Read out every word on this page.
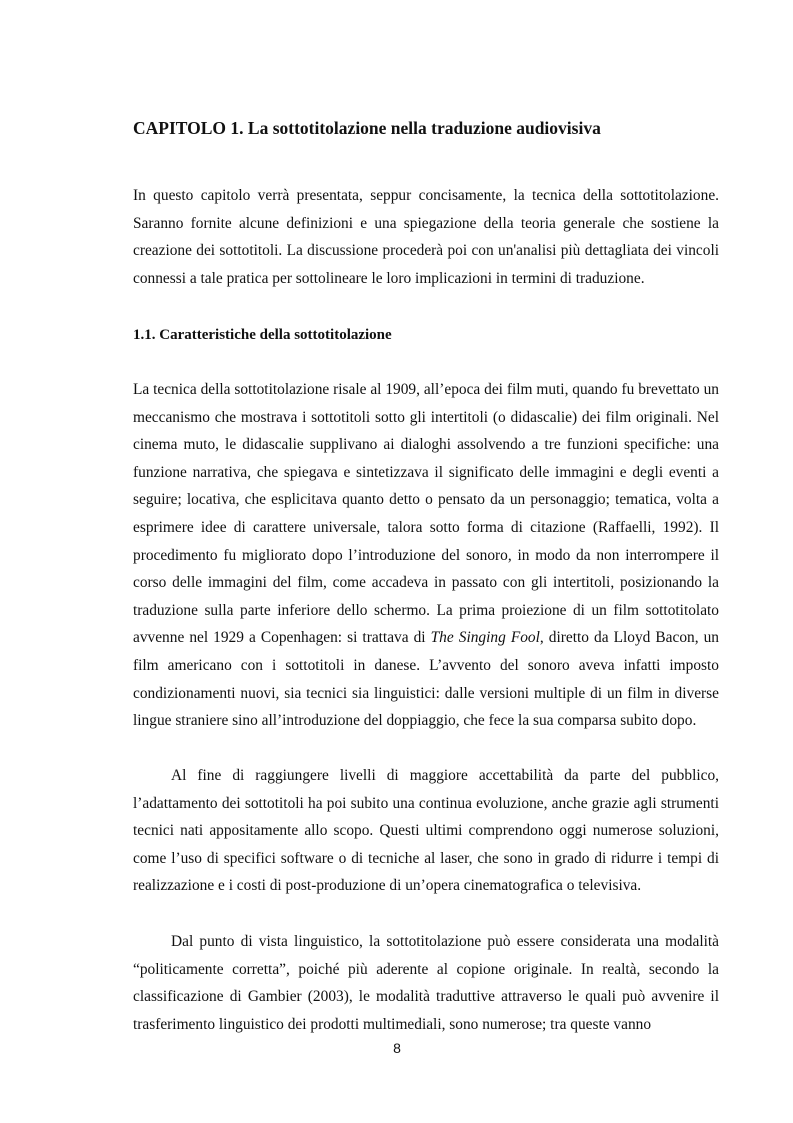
CAPITOLO 1. La sottotitolazione nella traduzione audiovisiva

In questo capitolo verrà presentata, seppur concisamente, la tecnica della sottotitolazione. Saranno fornite alcune definizioni e una spiegazione della teoria generale che sostiene la creazione dei sottotitoli. La discussione procederà poi con un'analisi più dettagliata dei vincoli connessi a tale pratica per sottolineare le loro implicazioni in termini di traduzione.

1.1. Caratteristiche della sottotitolazione

La tecnica della sottotitolazione risale al 1909, all’epoca dei film muti, quando fu brevettato un meccanismo che mostrava i sottotitoli sotto gli intertitoli (o didascalie) dei film originali. Nel cinema muto, le didascalie supplivano ai dialoghi assolvendo a tre funzioni specifiche: una funzione narrativa, che spiegava e sintetizzava il significato delle immagini e degli eventi a seguire; locativa, che esplicitava quanto detto o pensato da un personaggio; tematica, volta a esprimere idee di carattere universale, talora sotto forma di citazione (Raffaelli, 1992). Il procedimento fu migliorato dopo l’introduzione del sonoro, in modo da non interrompere il corso delle immagini del film, come accadeva in passato con gli intertitoli, posizionando la traduzione sulla parte inferiore dello schermo. La prima proiezione di un film sottotitolato avvenne nel 1929 a Copenhagen: si trattava di The Singing Fool, diretto da Lloyd Bacon, un film americano con i sottotitoli in danese. L’avvento del sonoro aveva infatti imposto condizionamenti nuovi, sia tecnici sia linguistici: dalle versioni multiple di un film in diverse lingue straniere sino all’introduzione del doppiaggio, che fece la sua comparsa subito dopo.

Al fine di raggiungere livelli di maggiore accettabilità da parte del pubblico, l’adattamento dei sottotitoli ha poi subito una continua evoluzione, anche grazie agli strumenti tecnici nati appositamente allo scopo. Questi ultimi comprendono oggi numerose soluzioni, come l’uso di specifici software o di tecniche al laser, che sono in grado di ridurre i tempi di realizzazione e i costi di post-produzione di un’opera cinematografica o televisiva.

Dal punto di vista linguistico, la sottotitolazione può essere considerata una modalità “politicamente corretta”, poiché più aderente al copione originale. In realtà, secondo la classificazione di Gambier (2003), le modalità traduttive attraverso le quali può avvenire il trasferimento linguistico dei prodotti multimediali, sono numerose; tra queste vanno

8
